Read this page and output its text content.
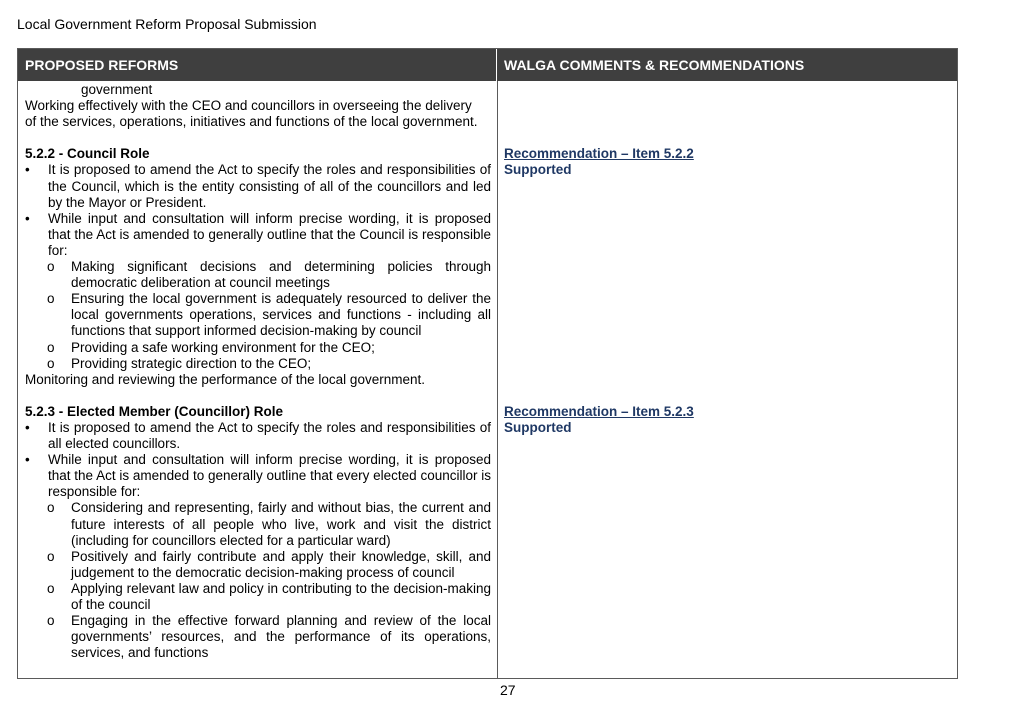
Local Government Reform Proposal Submission
PROPOSED REFORMS	WALGA COMMENTS & RECOMMENDATIONS
government
Working effectively with the CEO and councillors in overseeing the delivery
of the services, operations, initiatives and functions of the local government.
5.2.2 - Council Role
• It is proposed to amend the Act to specify the roles and responsibilities of the Council, which is the entity consisting of all of the councillors and led by the Mayor or President.
• While input and consultation will inform precise wording, it is proposed that the Act is amended to generally outline that the Council is responsible for:
o Making significant decisions and determining policies through democratic deliberation at council meetings
o Ensuring the local government is adequately resourced to deliver the local governments operations, services and functions - including all functions that support informed decision-making by council
o Providing a safe working environment for the CEO;
o Providing strategic direction to the CEO;
Monitoring and reviewing the performance of the local government.
5.2.3 - Elected Member (Councillor) Role
• It is proposed to amend the Act to specify the roles and responsibilities of all elected councillors.
• While input and consultation will inform precise wording, it is proposed that the Act is amended to generally outline that every elected councillor is responsible for:
o Considering and representing, fairly and without bias, the current and future interests of all people who live, work and visit the district (including for councillors elected for a particular ward)
o Positively and fairly contribute and apply their knowledge, skill, and judgement to the democratic decision-making process of council
o Applying relevant law and policy in contributing to the decision-making of the council
o Engaging in the effective forward planning and review of the local governments’ resources, and the performance of its operations, services, and functions
Recommendation – Item 5.2.2
Supported
Recommendation – Item 5.2.3
Supported
27
